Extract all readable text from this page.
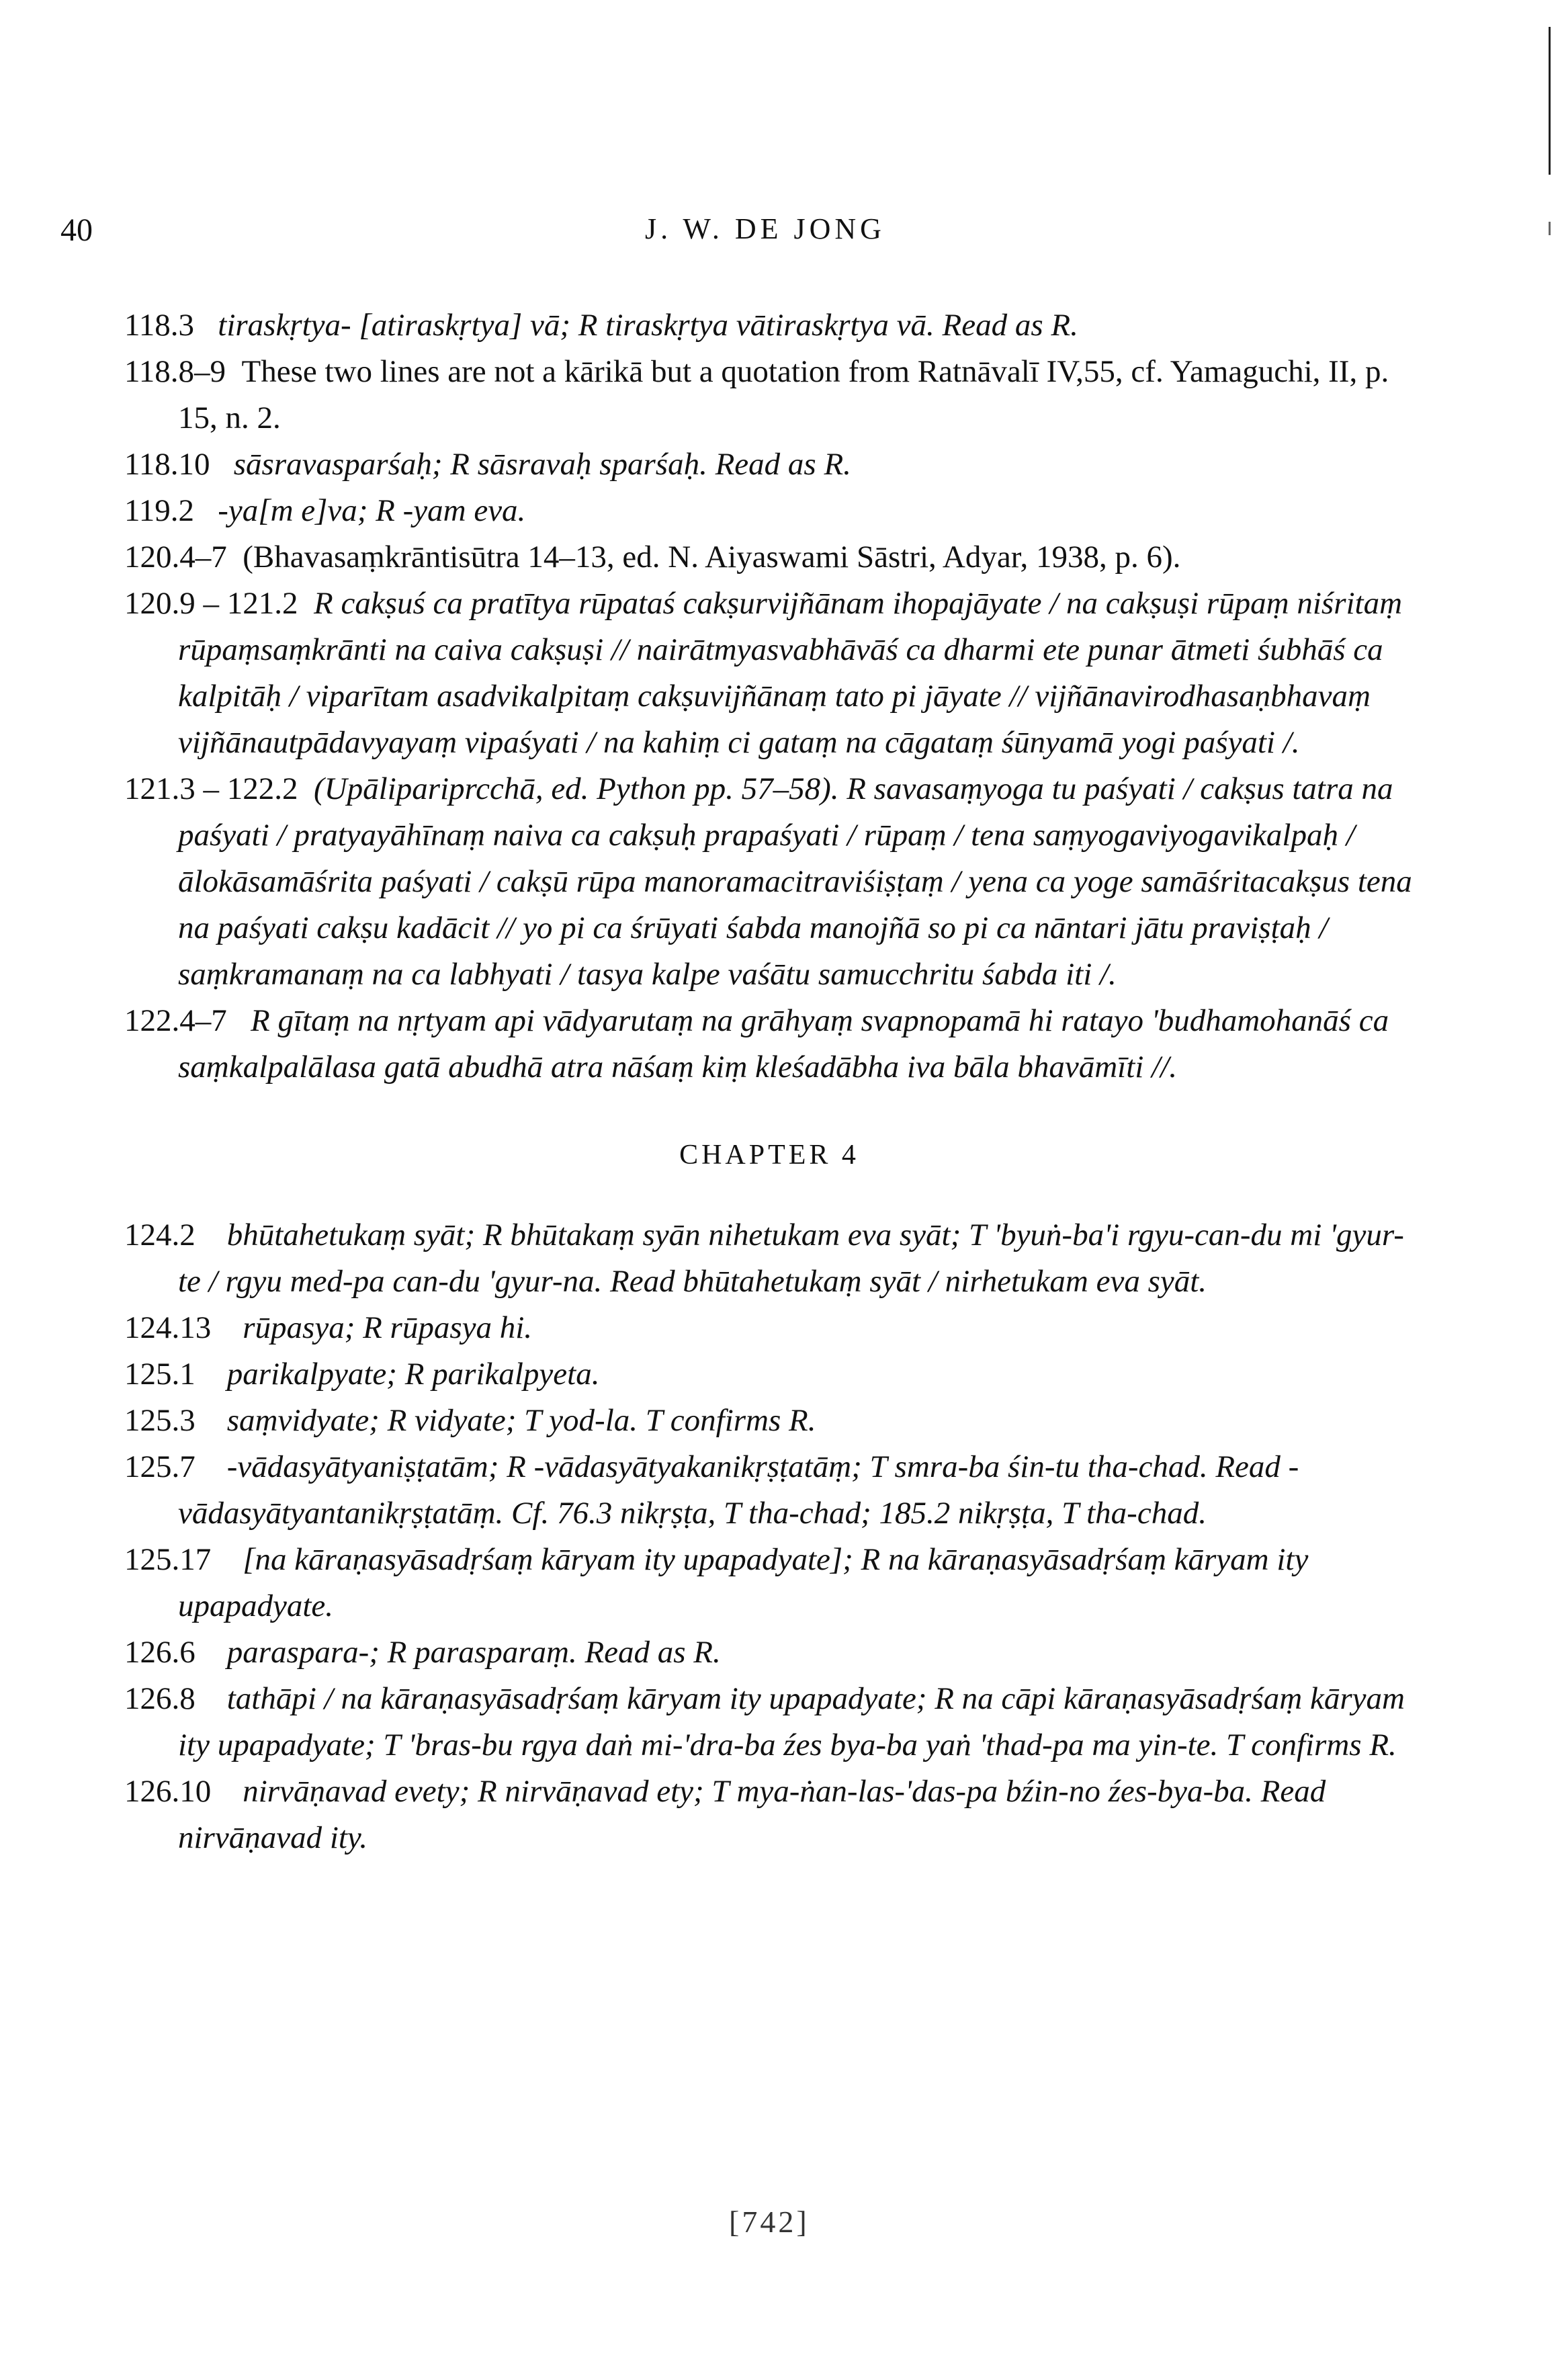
40	J. W. DE JONG

118.3 tiraskṛtya- [atiraskṛtya] vā; R tiraskṛtya vātiraskṛtya vā. Read as R.

118.8–9 These two lines are not a kārikā but a quotation from Ratnāvalī IV,55, cf. Yamaguchi, II, p. 15, n. 2.

118.10 sāsravasparśaḥ; R sāsravaḥ sparśaḥ. Read as R.

119.2 -ya[m e]va; R -yam eva.

120.4–7 (Bhavasaṃkrāntisūtra 14–13, ed. N. Aiyaswami Sāstri, Adyar, 1938, p. 6).

120.9 – 121.2 R cakṣuś ca pratītya rūpataś cakṣurvijñānam ihopajāyate / na cakṣuṣi rūpaṃ niśritaṃ rūpaṃsaṃkrānti na caiva cakṣuṣi // nairātmyasvabhāvāś ca dharmi ete punar ātmeti śubhāś ca kalpitāḥ / viparītam asadvikalpitaṃ cakṣuvijñānaṃ tato pi jāyate // vijñānavirodhasaṇbhavaṃ vijñānautpādavyayaṃ vipaśyati / na kahiṃ ci gataṃ na cāgataṃ śūnyamā yogi paśyati /.

121.3 – 122.2 (Upālipariprcchā, ed. Python pp. 57–58). R savasaṃyoga tu paśyati / cakṣus tatra na paśyati / pratyayāhīnaṃ naiva ca cakṣuḥ prapaśyati / rūpaṃ / tena saṃyogaviyogavikalpaḥ / ālokāsamāśrita paśyati / cakṣū rūpa manoramacitraviśiṣṭaṃ / yena ca yoge samāśritacakṣus tena na paśyati cakṣu kadācit // yo pi ca śrūyati śabda manojñā so pi ca nāntari jātu praviṣṭaḥ / saṃkramanaṃ na ca labhyati / tasya kalpe vaśātu samucchritu śabda iti /.

122.4–7 R gītaṃ na nṛtyam api vādyarutaṃ na grāhyaṃ svapnopamā hi ratayo 'budhamohanāś ca saṃkalpalālasa gatā abudhā atra nāśaṃ kiṃ kleśadābha iva bāla bhavāmīti //.

CHAPTER 4

124.2 bhūtahetukaṃ syāt; R bhūtakaṃ syān nihetukam eva syāt; T 'byuṅ-ba'i rgyu-can-du mi 'gyur-te / rgyu med-pa can-du 'gyur-na. Read bhūtahetukaṃ syāt / nirhetukam eva syāt.

124.13 rūpasya; R rūpasya hi.

125.1 parikalpyate; R parikalpyeta.

125.3 saṃvidyate; R vidyate; T yod-la. T confirms R.

125.7 -vādasyātyaniṣṭatām; R -vādasyātyakanikṛṣṭatāṃ; T smra-ba śin-tu tha-chad. Read -vādasyātyantanikṛṣṭatāṃ. Cf. 76.3 nikṛṣṭa, T tha-chad; 185.2 nikṛṣṭa, T tha-chad.

125.17 [na kāraṇasyāsadṛśaṃ kāryam ity upapadyate]; R na kāraṇasyāsadṛśaṃ kāryam ity upapadyate.

126.6 paraspara-; R parasparaṃ. Read as R.

126.8 tathāpi / na kāraṇasyāsadṛśaṃ kāryam ity upapadyate; R na cāpi kāraṇasyāsadṛśaṃ kāryam ity upapadyate; T 'bras-bu rgya daṅ mi-'dra-ba źes bya-ba yaṅ 'thad-pa ma yin-te. T confirms R.

126.10 nirvāṇavad evety; R nirvāṇavad ety; T mya-ṅan-las-'das-pa bźin-no źes-bya-ba. Read nirvāṇavad ity.

[742]
